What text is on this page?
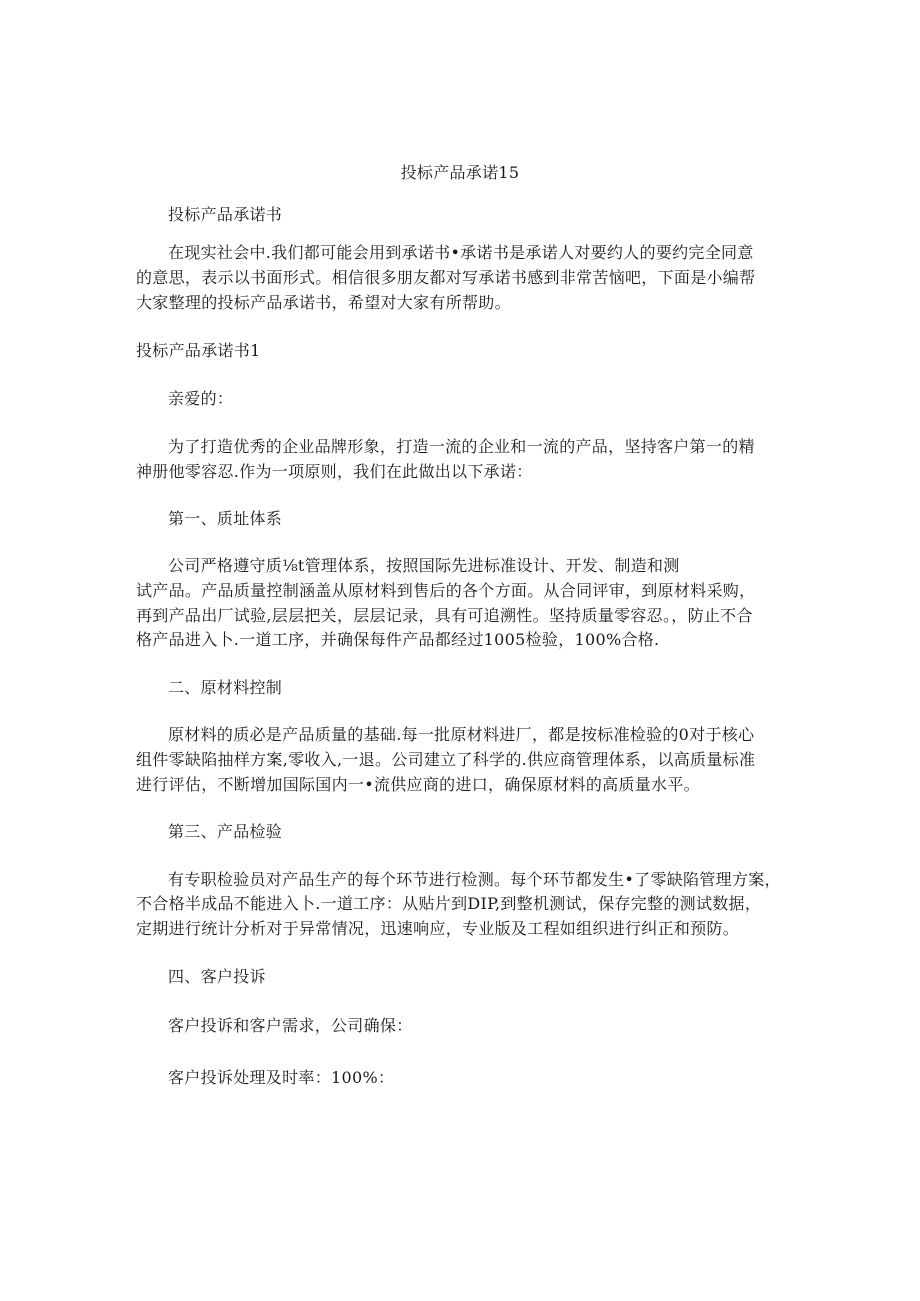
投标产品承诺15
投标产品承诺书
在现实社会中.我们都可能会用到承诺书•承诺书是承诺人对要约人的要约完全同意
的意思，表示以书面形式。相信很多朋友都对写承诺书感到非常苦恼吧，下面是小编帮
大家整理的投标产品承诺书，希望对大家有所帮助。
投标产品承诺书1
亲爱的：
为了打造优秀的企业品牌形象，打造一流的企业和一流的产品，坚持客户第一的精
神册他零容忍.作为一项原则，我们在此做出以下承诺：
第一、质址体系
公司严格遵守质⅛t管理体系，按照国际先进标准设计、开发、制造和测
试产品。产品质量控制涵盖从原材料到售后的各个方面。从合同评审，到原材料采购，
再到产品出厂试验,层层把关，层层记录，具有可追溯性。坚持质量零容忍。，防止不合
格产品进入卜.一道工序，并确保每件产品都经过1005检验，100%合格.
二、原材料控制
原材料的质必是产品质量的基础.每一批原材料进厂，都是按标准检验的0对于核心
组件零缺陷抽样方案,零收入,一退。公司建立了科学的.供应商管理体系，以高质量标准
进行评估，不断增加国际国内一•流供应商的进口，确保原材料的高质量水平。
第三、产品检验
有专职检验员对产品生产的每个环节进行检测。每个环节都发生•了零缺陷管理方案，
不合格半成品不能进入卜.一道工序：从贴片到DIP,到整机测试，保存完整的测试数据，
定期进行统计分析对于异常情况，迅速响应，专业版及工程如组织进行纠正和预防。
四、客户投诉
客户投诉和客户需求，公司确保：
客户投诉处理及时率：100%：
